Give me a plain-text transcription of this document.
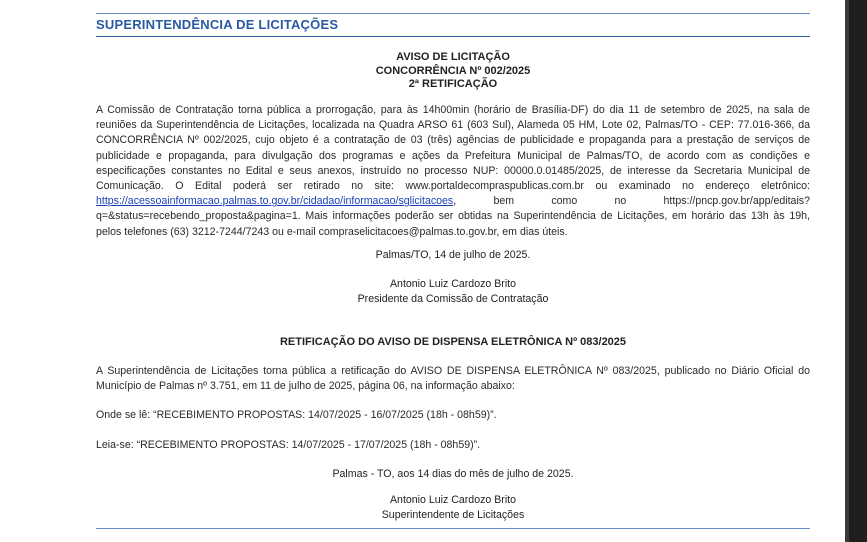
SUPERINTENDÊNCIA DE LICITAÇÕES
AVISO DE LICITAÇÃO
CONCORRÊNCIA Nº 002/2025
2ª RETIFICAÇÃO

A Comissão de Contratação torna pública a prorrogação, para às 14h00min (horário de Brasília-DF) do dia 11 de setembro de 2025, na sala de reuniões da Superintendência de Licitações, localizada na Quadra ARSO 61 (603 Sul), Alameda 05 HM, Lote 02, Palmas/TO - CEP: 77.016-366, da CONCORRÊNCIA Nº 002/2025, cujo objeto é a contratação de 03 (três) agências de publicidade e propaganda para a prestação de serviços de publicidade e propaganda, para divulgação dos programas e ações da Prefeitura Municipal de Palmas/TO, de acordo com as condições e especificações constantes no Edital e seus anexos, instruído no processo NUP: 00000.0.01485/2025, de interesse da Secretaria Municipal de Comunicação. O Edital poderá ser retirado no site: www.portaldecompraspublicas.com.br ou examinado no endereço eletrônico: https://acessoainformacao.palmas.to.gov.br/cidadao/informacao/sglicitacoes, bem como no https://pncp.gov.br/app/editais?q=&status=recebendo_proposta&pagina=1. Mais informações poderão ser obtidas na Superintendência de Licitações, em horário das 13h às 19h, pelos telefones (63) 3212-7244/7243 ou e-mail compraselicitacoes@palmas.to.gov.br, em dias úteis.

Palmas/TO, 14 de julho de 2025.
Antonio Luiz Cardozo Brito
Presidente da Comissão de Contratação
RETIFICAÇÃO DO AVISO DE DISPENSA ELETRÔNICA Nº 083/2025
A Superintendência de Licitações torna pública a retificação do AVISO DE DISPENSA ELETRÔNICA Nº 083/2025, publicado no Diário Oficial do Município de Palmas nº 3.751, em 11 de julho de 2025, página 06, na informação abaixo:
Onde se lê: “RECEBIMENTO PROPOSTAS: 14/07/2025 - 16/07/2025 (18h - 08h59)”.
Leia-se: “RECEBIMENTO PROPOSTAS: 14/07/2025 - 17/07/2025 (18h - 08h59)”.
Palmas - TO, aos 14 dias do mês de julho de 2025.
Antonio Luiz Cardozo Brito
Superintendente de Licitações
